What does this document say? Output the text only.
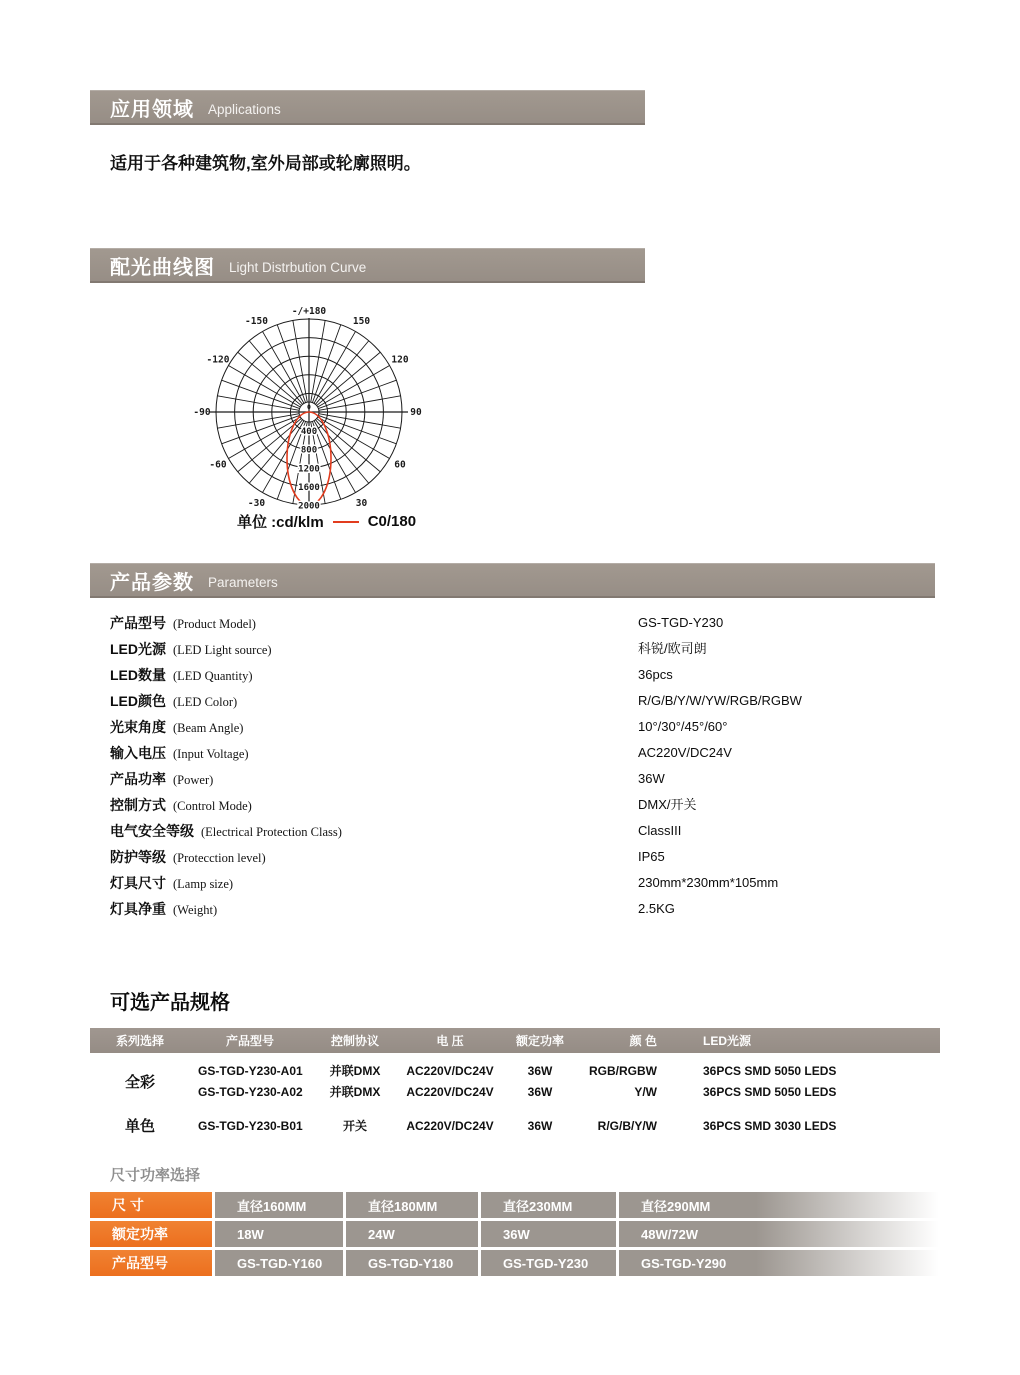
应用领域 Applications
适用于各种建筑物,室外局部或轮廓照明。
配光曲线图 Light Distrbution Curve
-/+180
150
120
90
60
30
-150
-120
-90
-60
-30
0
400
800
1200
1600
2000
单位 :cd/klm	C0/180
产品参数 Parameters
产品型号 (Product Model)	GS-TGD-Y230
LED光源 (LED Light source)	科锐/欧司朗
LED数量 (LED Quantity)	36pcs
LED颜色 (LED Color)	R/G/B/Y/W/YW/RGB/RGBW
光束角度 (Beam Angle)	10°/30°/45°/60°
输入电压 (Input Voltage)	AC220V/DC24V
产品功率 (Power)	36W
控制方式 (Control Mode)	DMX/开关
电气安全等级 (Electrical Protection Class)	ClassIII
防护等级 (Protecction level)	IP65
灯具尺寸 (Lamp size)	230mm*230mm*105mm
灯具净重 (Weight)	2.5KG
可选产品规格
系列选择	产品型号	控制协议	电 压	额定功率	颜 色	LED光源
全彩
GS-TGD-Y230-A01	并联DMX	AC220V/DC24V	36W	RGB/RGBW	36PCS SMD 5050 LEDS
GS-TGD-Y230-A02	并联DMX	AC220V/DC24V	36W	Y/W	36PCS SMD 5050 LEDS
单色	GS-TGD-Y230-B01	开关	AC220V/DC24V	36W	R/G/B/Y/W	36PCS SMD 3030 LEDS
尺寸功率选择
尺 寸	直径160MM	直径180MM	直径230MM	直径290MM
额定功率	18W	24W	36W	48W/72W
产品型号	GS-TGD-Y160	GS-TGD-Y180	GS-TGD-Y230	GS-TGD-Y290
